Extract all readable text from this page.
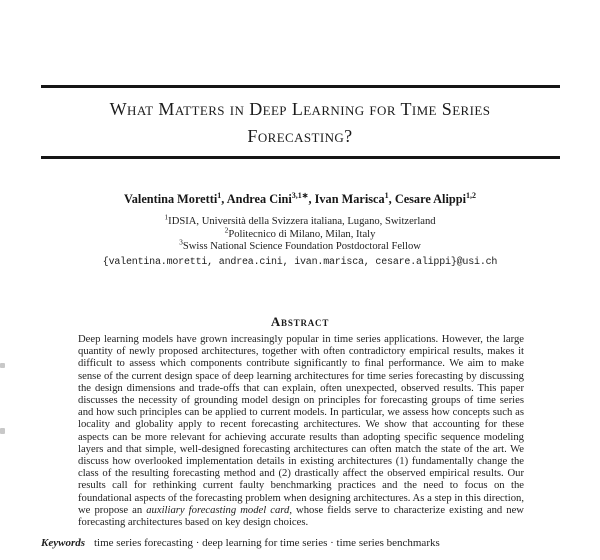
What Matters in Deep Learning for Time Series
Forecasting?
Valentina Moretti$^1$, Andrea Cini$^{3,1∗}$, Ivan Marisca$^1$, Cesare Alippi$^{1,2}$
$^1$IDSIA, Università della Svizzera italiana, Lugano, Switzerland
$^2$Politecnico di Milano, Milan, Italy
$^3$Swiss National Science Foundation Postdoctoral Fellow
{valentina.moretti, andrea.cini, ivan.marisca, cesare.alippi}@usi.ch
Abstract

Deep learning models have grown increasingly popular in time series applications. However, the large quantity of newly proposed architectures, together with often contradictory empirical results, makes it difficult to assess which components contribute significantly to final performance. We aim to make sense of the current design space of deep learning architectures for time series forecasting by discussing the design dimensions and trade-offs that can explain, often unexpected, observed results. This paper discusses the necessity of grounding model design on principles for forecasting groups of time series and how such principles can be applied to current models. In particular, we assess how concepts such as locality and globality apply to recent forecasting architectures. We show that accounting for these aspects can be more relevant for achieving accurate results than adopting specific sequence modeling layers and that simple, well-designed forecasting architectures can often match the state of the art. We discuss how overlooked implementation details in existing architectures (1) fundamentally change the class of the resulting forecasting method and (2) drastically affect the observed empirical results. Our results call for rethinking current faulty benchmarking practices and the need to focus on the foundational aspects of the forecasting problem when designing architectures. As a step in this direction, we propose an auxiliary forecasting model card, whose fields serve to characterize existing and new forecasting architectures based on key design choices.

Keywords time series forecasting · deep learning for time series · time series benchmarks
